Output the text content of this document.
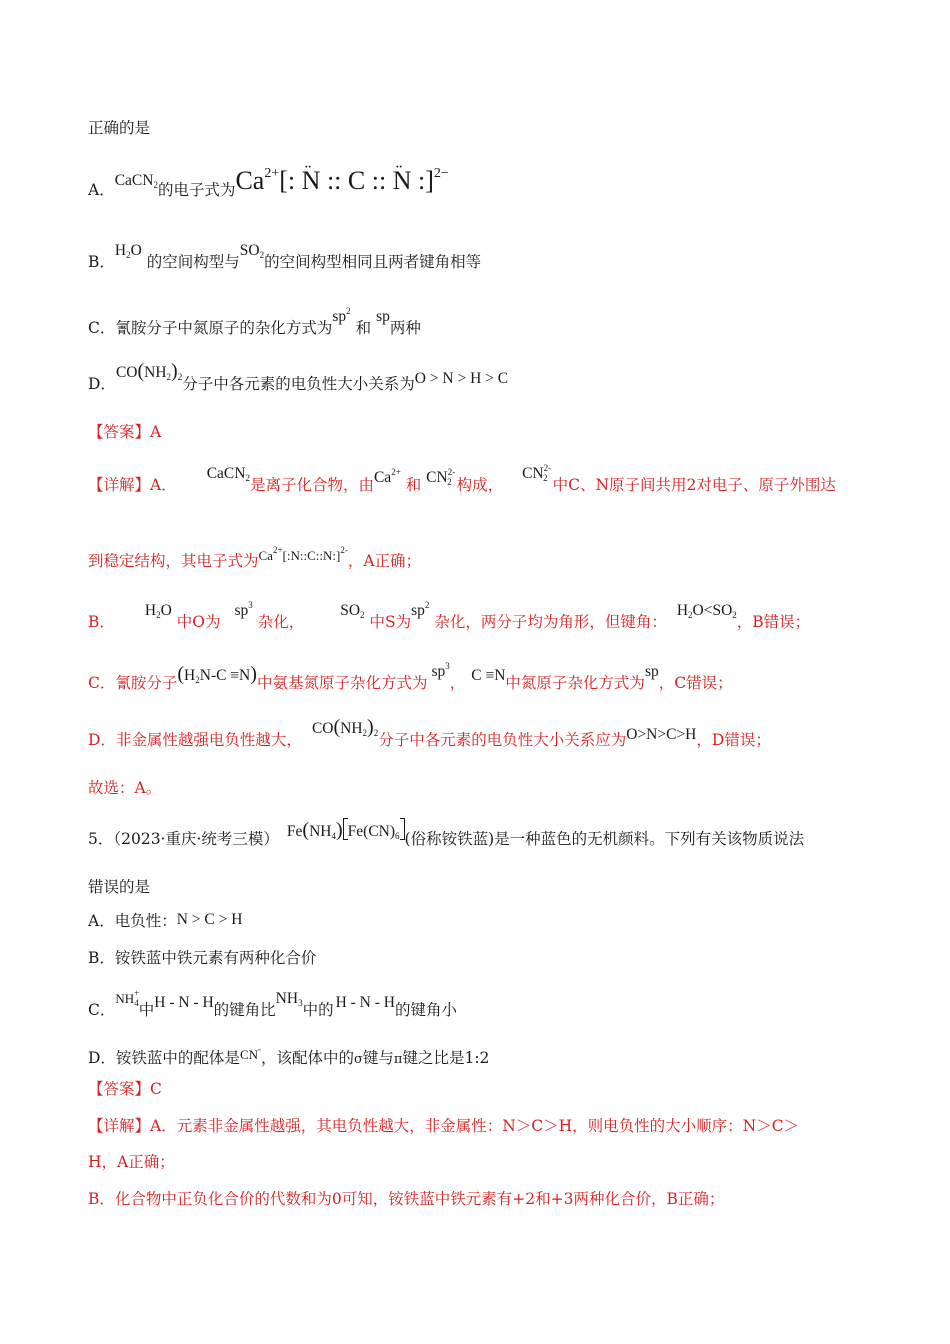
正确的是
A．CaCN$_2$的电子式为$Ca^{2+}$[: ·· N :: C :: ·· N :]$^{2-}$
B．$H_2O$ 的空间构型与$SO_2$的空间构型相同且两者键角相等
C．氰胺分子中氮原子的杂化方式为$sp^2$ 和 sp两种
D．$CO(NH_2)_2$分子中各元素的电负性大小关系为O > N > H > C
【答案】A
【详解】A．CaCN$_2$是离子化合物，由$Ca^{2+}$ 和 $CN^{2-}_2$ 构成， $CN^{2-}_2$ 中C、N原子间共用2对电子、原子外围达
到稳定结构，其电子式为$^{Ca^{2+}[:N::C::N:]^{2-}}$，A正确；
B．$H_2O$ 中O为$sp^3$ 杂化，$SO_2$ 中S为$sp^2$ 杂化，两分子均为角形，但键角：$H_2O<SO_2$，B错误；
C．氰胺分子$(H_2N-C \equiv N)$中氨基氮原子杂化方式为$sp^3$， C ≡N中氮原子杂化方式为sp，C错误；
D．非金属性越强电负性越大，$CO(NH_2)_2$分子中各元素的电负性大小关系应为O>N>C>H，D错误；
故选：A。
5．（2023·重庆·统考三模） $Fe(NH_4)$ $Fe(CN)_6$ (俗称铵铁蓝)是一种蓝色的无机颜料。下列有关该物质说法
错误的是
A．电负性：N > C > H
B．铵铁蓝中铁元素有两种化合价
C．$^{NH^+_4}$中H - N - H的键角比$NH_3$中的 H - N - H的键角小
D．铵铁蓝中的配体是$^{CN^-}$，该配体中的σ键与π键之比是1:2
【答案】C
【详解】A．元素非金属性越强，其电负性越大，非金属性：N＞C＞H，则电负性的大小顺序：N＞C＞
H，A正确；
B．化合物中正负化合价的代数和为0可知，铵铁蓝中铁元素有+2和+3两种化合价，B正确；
